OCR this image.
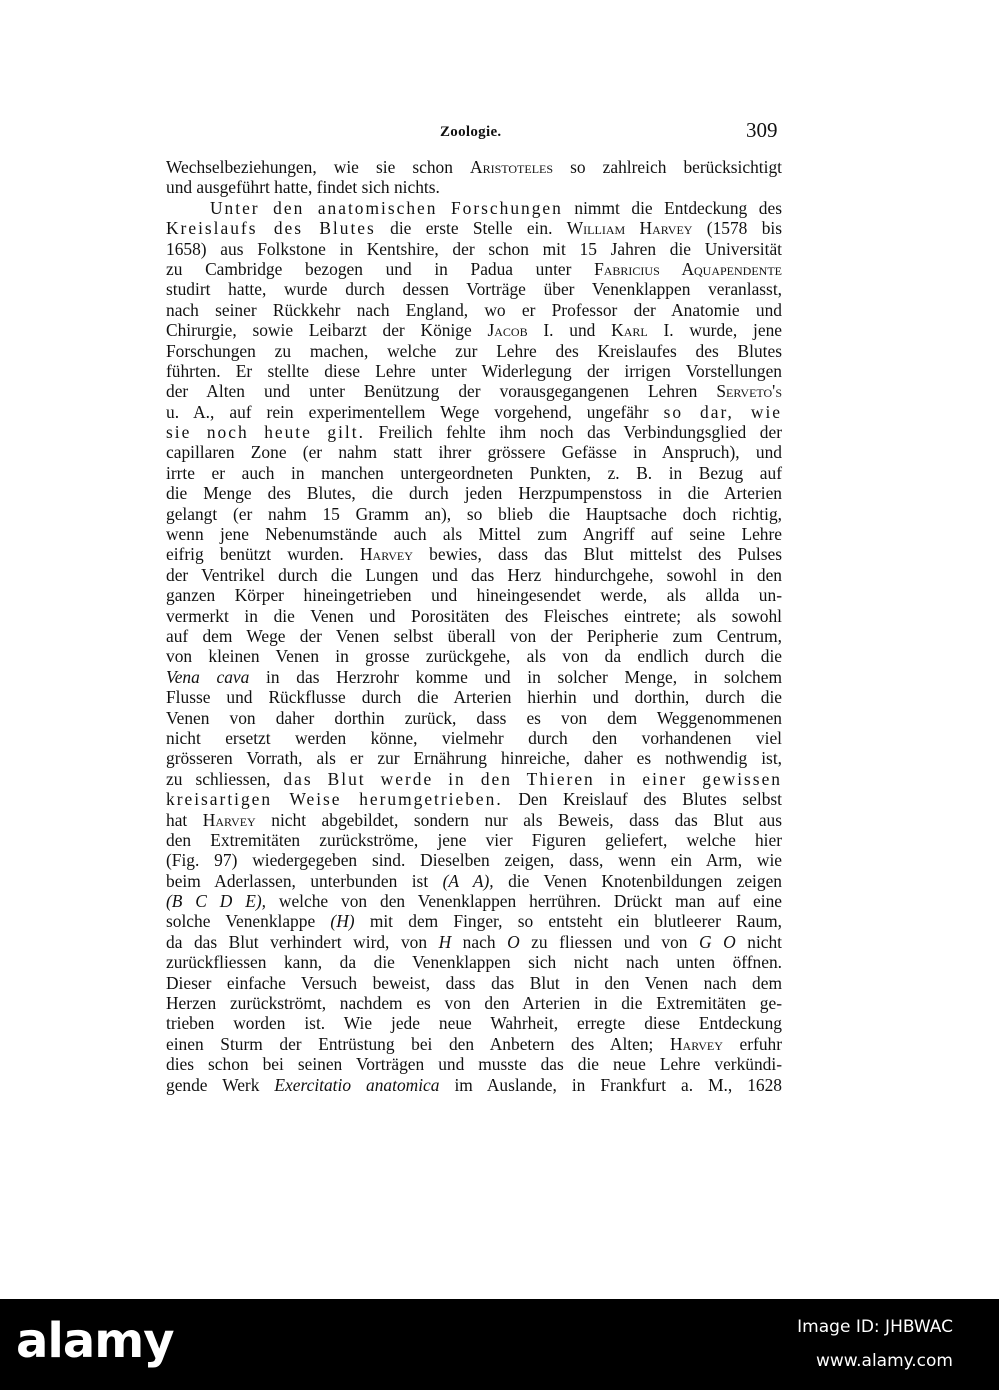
Zoologie.	309
Wechselbeziehungen, wie sie schon Aristoteles so zahlreich berücksichtigt
und ausgeführt hatte, findet sich nichts.
Unter den anatomischen Forschungen nimmt die Entdeckung des
Kreislaufs des Blutes die erste Stelle ein. William Harvey (1578 bis
1658) aus Folkstone in Kentshire, der schon mit 15 Jahren die Universität
zu Cambridge bezogen und in Padua unter Fabricius Aquapendente
studirt hatte, wurde durch dessen Vorträge über Venenklappen veranlasst,
nach seiner Rückkehr nach England, wo er Professor der Anatomie und
Chirurgie, sowie Leibarzt der Könige Jacob I. und Karl I. wurde, jene
Forschungen zu machen, welche zur Lehre des Kreislaufes des Blutes
führten. Er stellte diese Lehre unter Widerlegung der irrigen Vorstellungen
der Alten und unter Benützung der vorausgegangenen Lehren Serveto's
u. A., auf rein experimentellem Wege vorgehend, ungefähr so dar, wie
sie noch heute gilt. Freilich fehlte ihm noch das Verbindungsglied der
capillaren Zone (er nahm statt ihrer grössere Gefässe in Anspruch), und
irrte er auch in manchen untergeordneten Punkten, z. B. in Bezug auf
die Menge des Blutes, die durch jeden Herzpumpenstoss in die Arterien
gelangt (er nahm 15 Gramm an), so blieb die Hauptsache doch richtig,
wenn jene Nebenumstände auch als Mittel zum Angriff auf seine Lehre
eifrig benützt wurden. Harvey bewies, dass das Blut mittelst des Pulses
der Ventrikel durch die Lungen und das Herz hindurchgehe, sowohl in den
ganzen Körper hineingetrieben und hineingesendet werde, als allda un-
vermerkt in die Venen und Porositäten des Fleisches eintrete; als sowohl
auf dem Wege der Venen selbst überall von der Peripherie zum Centrum,
von kleinen Venen in grosse zurückgehe, als von da endlich durch die
Vena cava in das Herzrohr komme und in solcher Menge, in solchem
Flusse und Rückflusse durch die Arterien hierhin und dorthin, durch die
Venen von daher dorthin zurück, dass es von dem Weggenommenen
nicht ersetzt werden könne, vielmehr durch den vorhandenen viel
grösseren Vorrath, als er zur Ernährung hinreiche, daher es nothwendig ist,
zu schliessen, das Blut werde in den Thieren in einer gewissen
kreisartigen Weise herumgetrieben. Den Kreislauf des Blutes selbst
hat Harvey nicht abgebildet, sondern nur als Beweis, dass das Blut aus
den Extremitäten zurückströme, jene vier Figuren geliefert, welche hier
(Fig. 97) wiedergegeben sind. Dieselben zeigen, dass, wenn ein Arm, wie
beim Aderlassen, unterbunden ist (A A), die Venen Knotenbildungen zeigen
(B C D E), welche von den Venenklappen herrühren. Drückt man auf eine
solche Venenklappe (H) mit dem Finger, so entsteht ein blutleerer Raum,
da das Blut verhindert wird, von H nach O zu fliessen und von G O nicht
zurückfliessen kann, da die Venenklappen sich nicht nach unten öffnen.
Dieser einfache Versuch beweist, dass das Blut in den Venen nach dem
Herzen zurückströmt, nachdem es von den Arterien in die Extremitäten ge-
trieben worden ist. Wie jede neue Wahrheit, erregte diese Entdeckung
einen Sturm der Entrüstung bei den Anbetern des Alten; Harvey erfuhr
dies schon bei seinen Vorträgen und musste das die neue Lehre verkündi-
gende Werk Exercitatio anatomica im Auslande, in Frankfurt a. M., 1628
alamy	Image ID: JHBWAC
www.alamy.com
